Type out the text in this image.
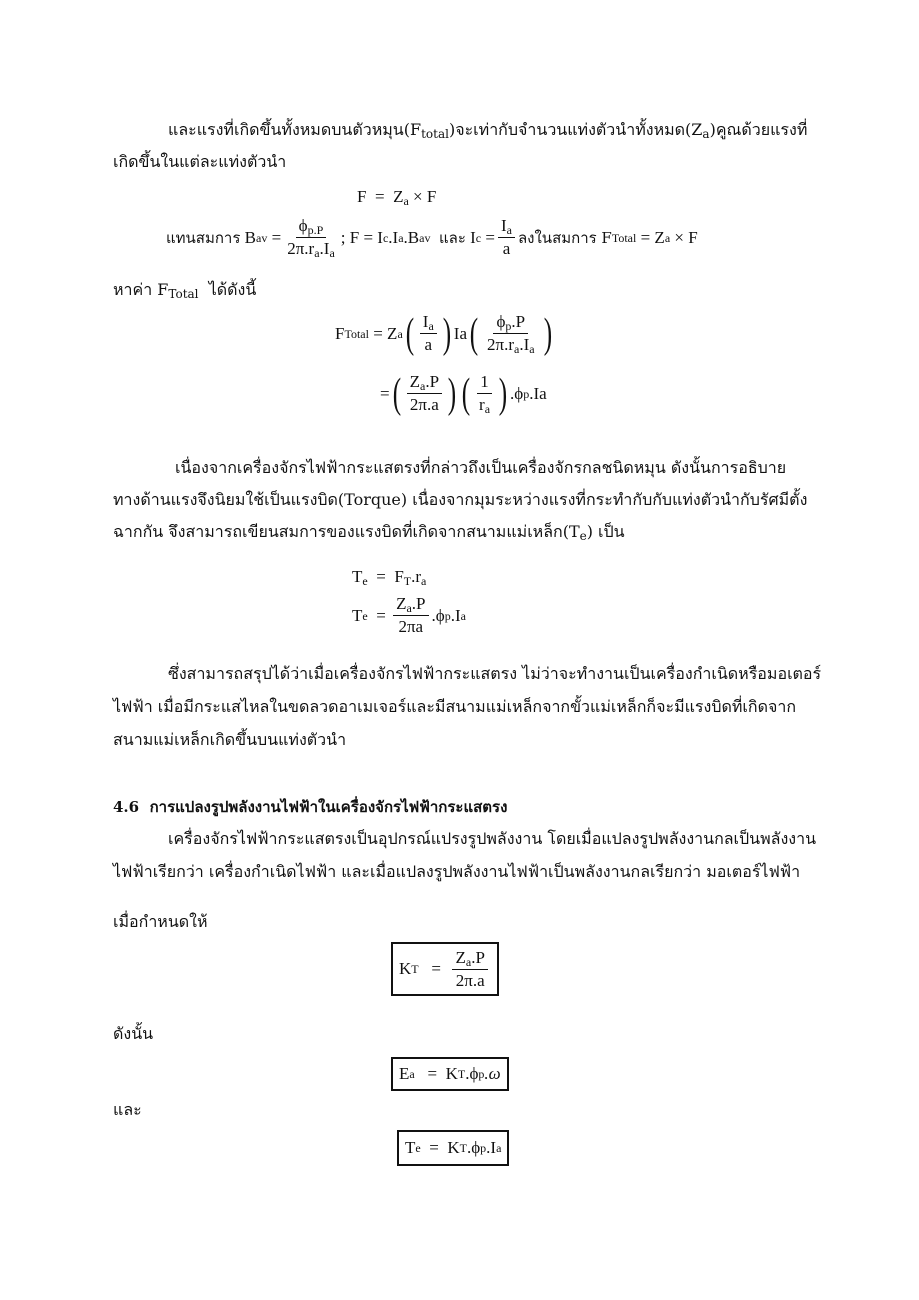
และแรงที่เกิดขึ้นทั้งหมดบนตัวหมุน$(F_{total})$จะเท่ากับจำนวนแท่งตัวนำทั้งหมด$(Z_a)$คูณด้วยแรงที่
เกิดขึ้นในแต่ละแท่งตัวนำ
$F = Z_a \times F$
แทนสมการ
B av
= $\frac{\phi_{p.P}}{2\pi.r_a.I_a}$ ; F = I c .I a .B av
และ
I c
= $\frac{I_a}{a}$ ลงในสมการ F Total
= Z a
× F
หาค่า $F_{Total}$ ได้ดังนี้
F Total
= Z a ( $\frac{I_a}{a}$ ) Ia ( $\frac{\phi_p.P}{2\pi.r_a.I_a}$ )
= ( $\frac{Z_a.P}{2\pi.a}$ ) ( $\frac{1}{r_a}$ ) .ϕ p .Ia
เนื่องจากเครื่องจักรไฟฟ้ากระแสตรงที่กล่าวถึงเป็นเครื่องจักรกลชนิดหมุน ดังนั้นการอธิบาย
ทางด้านแรงจึงนิยมใช้เป็นแรงบิด(Torque) เนื่องจากมุมระหว่างแรงที่กระทำกับกับแท่งตัวนำกับรัศมีตั้ง
ฉากกัน จึงสามารถเขียนสมการของแรงบิดที่เกิดจากสนามแม่เหล็ก$(T_e)$ เป็น
$T_e = F_T.r_a$
T e
=
$\frac{Z_a.P}{2\pi a} .\phi$ p .I a
ซึ่งสามารถสรุปได้ว่าเมื่อเครื่องจักรไฟฟ้ากระแสตรง ไม่ว่าจะทำงานเป็นเครื่องกำเนิดหรือมอเตอร์
ไฟฟ้า เมื่อมีกระแสไหลในขดลวดอาเมเจอร์และมีสนามแม่เหล็กจากขั้วแม่เหล็กก็จะมีแรงบิดที่เกิดจาก
สนามแม่เหล็กเกิดขึ้นบนแท่งตัวนำ
4.6 การแปลงรูปพลังงานไฟฟ้าในเครื่องจักรไฟฟ้ากระแสตรง
เครื่องจักรไฟฟ้ากระแสตรงเป็นอุปกรณ์แปรงรูปพลังงาน โดยเมื่อแปลงรูปพลังงานกลเป็นพลังงาน
ไฟฟ้าเรียกว่า เครื่องกำเนิดไฟฟ้า และเมื่อแปลงรูปพลังงานไฟฟ้าเป็นพลังงานกลเรียกว่า มอเตอร์ไฟฟ้า
เมื่อกำหนดให้
K T
=
$\frac{Z_a.P}{2\pi.a}$
ดังนั้น
E a
=
K T .ϕ p .ω
และ
T e
=
K T .ϕ p .I a
